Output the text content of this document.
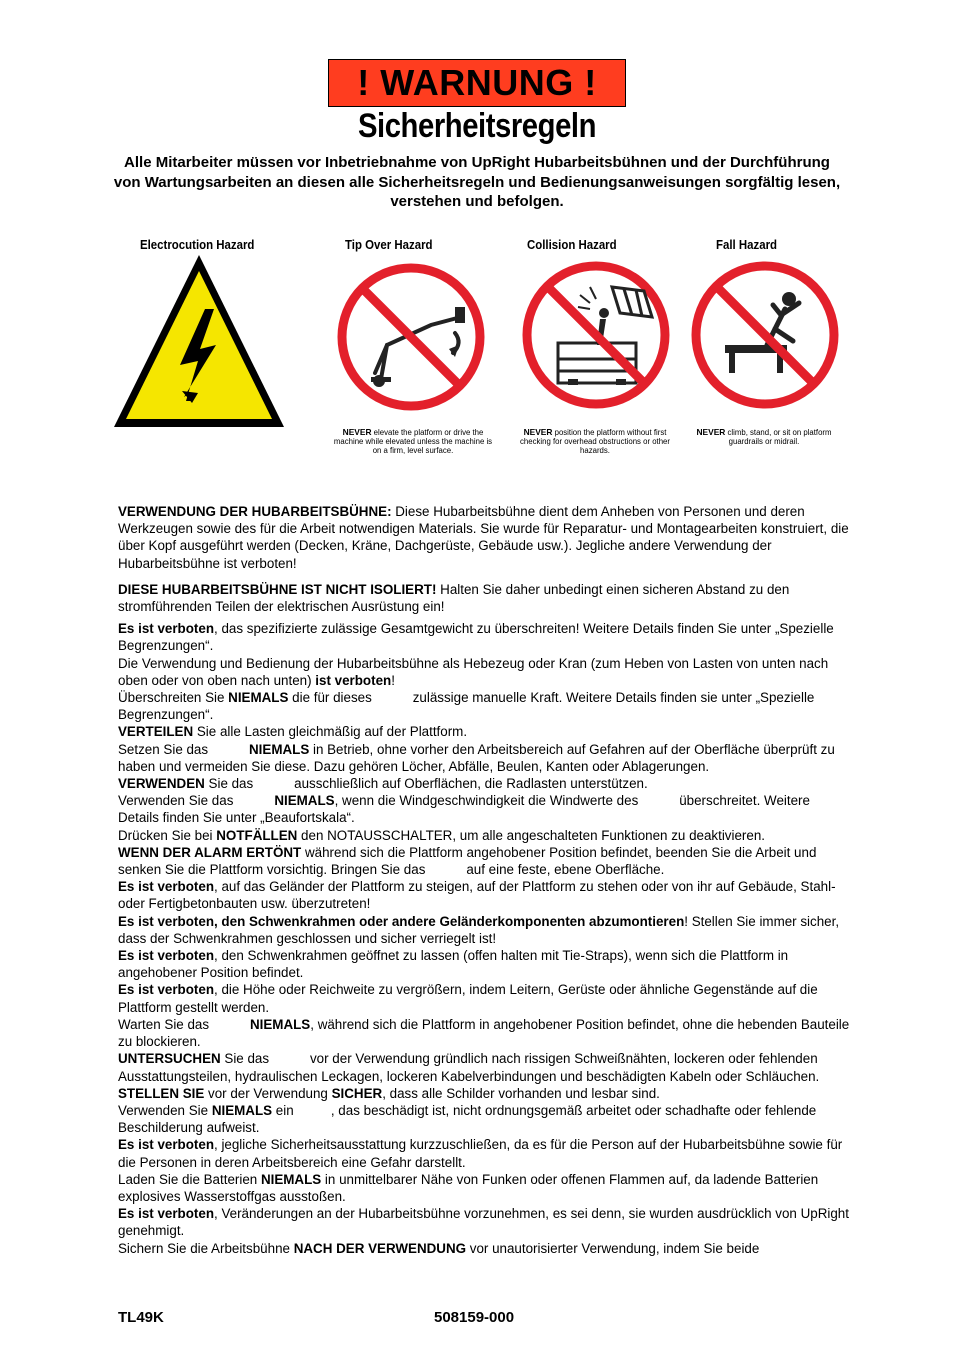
! WARNUNG !
Sicherheitsregeln
Alle Mitarbeiter müssen vor Inbetriebnahme von UpRight Hubarbeitsbühnen und der Durchführung von Wartungsarbeiten an diesen alle Sicherheitsregeln und Bedienungsanweisungen sorgfältig lesen, verstehen und befolgen.
Electrocution Hazard	Tip Over Hazard	Collision Hazard	Fall Hazard
NEVER elevate the platform or drive the machine while elevated unless the machine is on a firm, level surface.
NEVER position the platform without first checking for overhead obstructions or other hazards.
NEVER climb, stand, or sit on platform guardrails or midrail.

VERWENDUNG DER HUBARBEITSBÜHNE: Diese Hubarbeitsbühne dient dem Anheben von Personen und deren Werkzeugen sowie des für die Arbeit notwendigen Materials. Sie wurde für Reparatur- und Montagearbeiten konstruiert, die über Kopf ausgeführt werden (Decken, Kräne, Dachgerüste, Gebäude usw.). Jegliche andere Verwendung der Hubarbeitsbühne ist verboten!

DIESE HUBARBEITSBÜHNE IST NICHT ISOLIERT! Halten Sie daher unbedingt einen sicheren Abstand zu den stromführenden Teilen der elektrischen Ausrüstung ein!

Es ist verboten, das spezifizierte zulässige Gesamtgewicht zu überschreiten! Weitere Details finden Sie unter „Spezielle Begrenzungen“.

Die Verwendung und Bedienung der Hubarbeitsbühne als Hebezeug oder Kran (zum Heben von Lasten von unten nach oben oder von oben nach unten) ist verboten!

Überschreiten Sie NIEMALS die für dieses           zulässige manuelle Kraft. Weitere Details finden sie unter „Spezielle Begrenzungen“.

VERTEILEN Sie alle Lasten gleichmäßig auf der Plattform.

Setzen Sie das           NIEMALS in Betrieb, ohne vorher den Arbeitsbereich auf Gefahren auf der Oberfläche überprüft zu haben und vermeiden Sie diese. Dazu gehören Löcher, Abfälle, Beulen, Kanten oder Ablagerungen.

VERWENDEN Sie das           ausschließlich auf Oberflächen, die Radlasten unterstützen.

Verwenden Sie das           NIEMALS, wenn die Windgeschwindigkeit die Windwerte des           überschreitet. Weitere Details finden Sie unter „Beaufortskala“.

Drücken Sie bei NOTFÄLLEN den NOTAUSSCHALTER, um alle angeschalteten Funktionen zu deaktivieren.

WENN DER ALARM ERTÖNT während sich die Plattform angehobener Position befindet, beenden Sie die Arbeit und senken Sie die Plattform vorsichtig. Bringen Sie das           auf eine feste, ebene Oberfläche.

Es ist verboten, auf das Geländer der Plattform zu steigen, auf der Plattform zu stehen oder von ihr auf Gebäude, Stahl- oder Fertigbetonbauten usw. überzutreten!

Es ist verboten, den Schwenkrahmen oder andere Geländerkomponenten abzumontieren! Stellen Sie immer sicher, dass der Schwenkrahmen geschlossen und sicher verriegelt ist!

Es ist verboten, den Schwenkrahmen geöffnet zu lassen (offen halten mit Tie-Straps), wenn sich die Plattform in angehobener Position befindet.

Es ist verboten, die Höhe oder Reichweite zu vergrößern, indem Leitern, Gerüste oder ähnliche Gegenstände auf die Plattform gestellt werden.

Warten Sie das           NIEMALS, während sich die Plattform in angehobener Position befindet, ohne die hebenden Bauteile zu blockieren.

UNTERSUCHEN Sie das           vor der Verwendung gründlich nach rissigen Schweißnähten, lockeren oder fehlenden Ausstattungsteilen, hydraulischen Leckagen, lockeren Kabelverbindungen und beschädigten Kabeln oder Schläuchen.

STELLEN SIE vor der Verwendung SICHER, dass alle Schilder vorhanden und lesbar sind.

Verwenden Sie NIEMALS ein          , das beschädigt ist, nicht ordnungsgemäß arbeitet oder schadhafte oder fehlende Beschilderung aufweist.

Es ist verboten, jegliche Sicherheitsausstattung kurzzuschließen, da es für die Person auf der Hubarbeitsbühne sowie für die Personen in deren Arbeitsbereich eine Gefahr darstellt.

Laden Sie die Batterien NIEMALS in unmittelbarer Nähe von Funken oder offenen Flammen auf, da ladende Batterien explosives Wasserstoffgas ausstoßen.

Es ist verboten, Veränderungen an der Hubarbeitsbühne vorzunehmen, es sei denn, sie wurden ausdrücklich von UpRight genehmigt.

Sichern Sie die Arbeitsbühne NACH DER VERWENDUNG vor unautorisierter Verwendung, indem Sie beide

TL49K	508159-000
